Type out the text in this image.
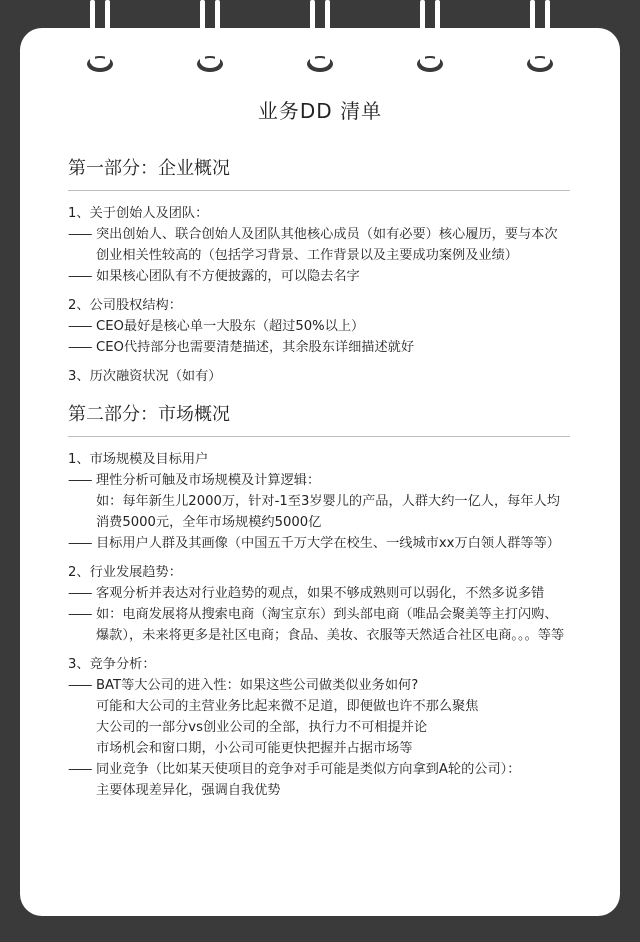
业务DD 清单
第一部分：企业概况
1、关于创始人及团队：
—— 突出创始人、联合创始人及团队其他核心成员（如有必要）核心履历，要与本次创业相关性较高的（包括学习背景、工作背景以及主要成功案例及业绩）
—— 如果核心团队有不方便披露的，可以隐去名字
2、公司股权结构：
—— CEO最好是核心单一大股东（超过50%以上）
—— CEO代持部分也需要清楚描述，其余股东详细描述就好
3、历次融资状况（如有）
第二部分：市场概况
1、市场规模及目标用户
—— 理性分析可触及市场规模及计算逻辑：
如：每年新生儿2000万，针对-1至3岁婴儿的产品，人群大约一亿人，每年人均消费5000元，全年市场规模约5000亿
—— 目标用户人群及其画像（中国五千万大学在校生、一线城市xx万白领人群等等）
2、行业发展趋势：
—— 客观分析并表达对行业趋势的观点，如果不够成熟则可以弱化，不然多说多错
—— 如：电商发展将从搜索电商（淘宝京东）到头部电商（唯品会聚美等主打闪购、爆款），未来将更多是社区电商；食品、美妆、衣服等天然适合社区电商。。。等等
3、竞争分析：
—— BAT等大公司的进入性：如果这些公司做类似业务如何?
可能和大公司的主营业务比起来微不足道，即便做也许不那么聚焦
大公司的一部分vs创业公司的全部，执行力不可相提并论
市场机会和窗口期，小公司可能更快把握并占据市场等
—— 同业竞争（比如某天使项目的竞争对手可能是类似方向拿到A轮的公司）：
主要体现差异化，强调自我优势
